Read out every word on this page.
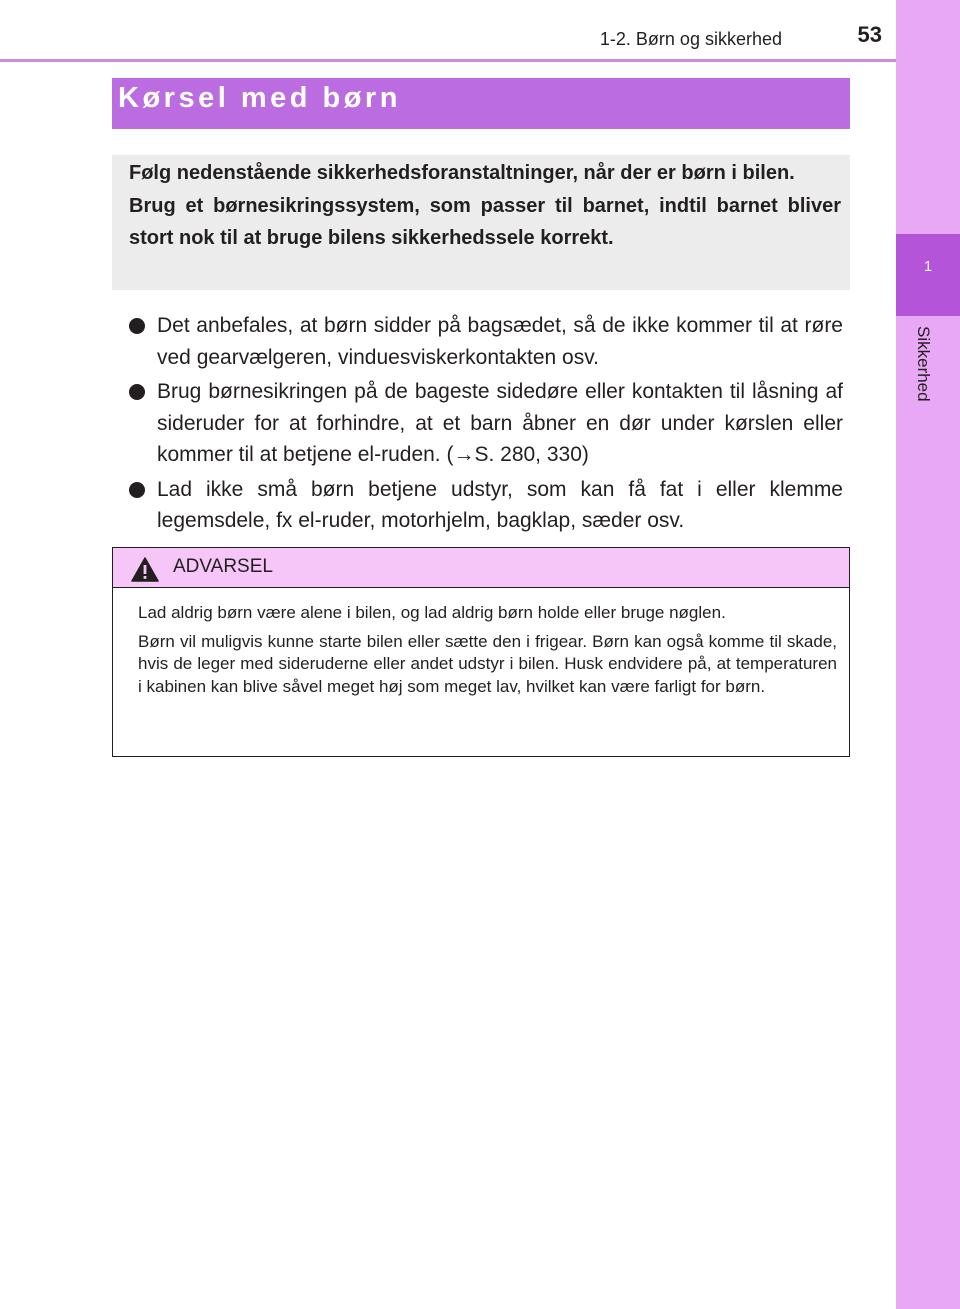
1
Sikkerhed
1-2. Børn og sikkerhed	53
Kørsel med børn

Følg nedenstående sikkerhedsforanstaltninger, når der er børn i bilen.

Brug et børnesikringssystem, som passer til barnet, indtil barnet bliver stort nok til at bruge bilens sikkerhedssele korrekt.

Det anbefales, at børn sidder på bagsædet, så de ikke kommer til at røre ved gearvælgeren, vinduesviskerkontakten osv.
Brug børnesikringen på de bageste sidedøre eller kontakten til låsning af sideruder for at forhindre, at et barn åbner en dør under kørslen eller kommer til at betjene el-ruden. (→S. 280, 330)
Lad ikke små børn betjene udstyr, som kan få fat i eller klemme legemsdele, fx el-ruder, motorhjelm, bagklap, sæder osv.
ADVARSEL

Lad aldrig børn være alene i bilen, og lad aldrig børn holde eller bruge nøglen.

Børn vil muligvis kunne starte bilen eller sætte den i frigear. Børn kan også komme til skade, hvis de leger med sideruderne eller andet udstyr i bilen. Husk endvidere på, at temperaturen i kabinen kan blive såvel meget høj som meget lav, hvilket kan være farligt for børn.
